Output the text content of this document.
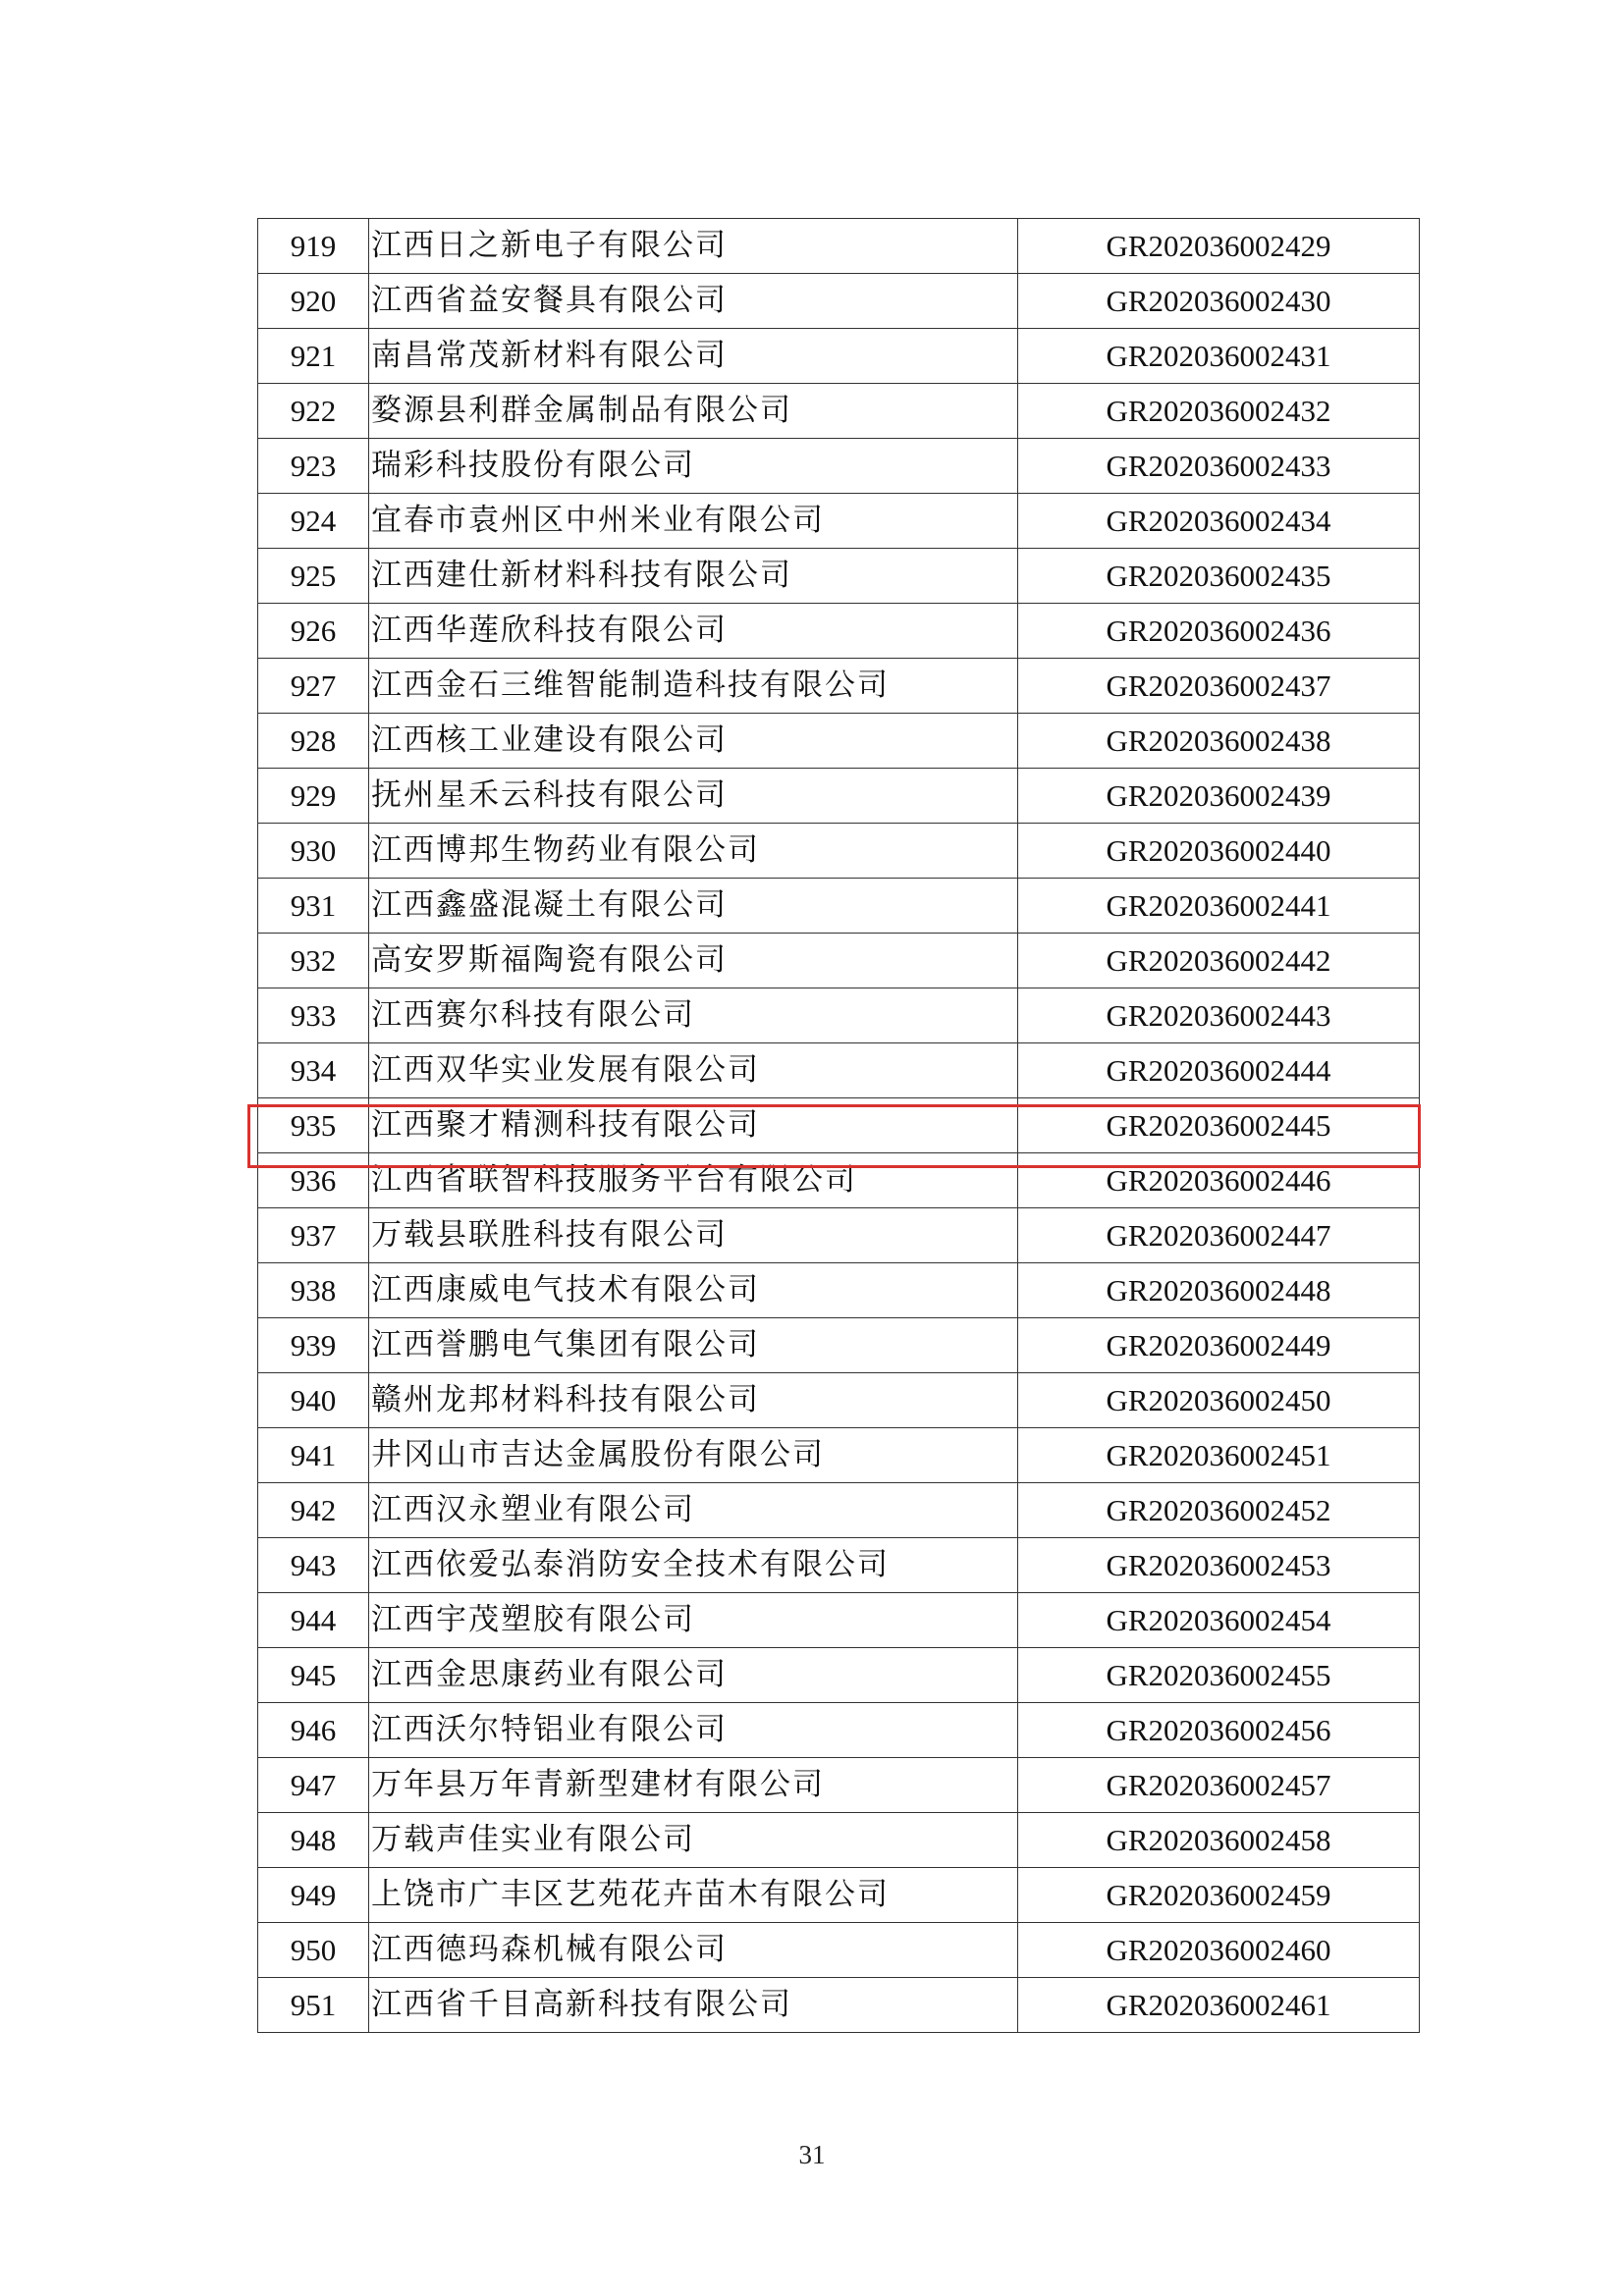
919	江西日之新电子有限公司	GR202036002429
920	江西省益安餐具有限公司	GR202036002430
921	南昌常茂新材料有限公司	GR202036002431
922	婺源县利群金属制品有限公司	GR202036002432
923	瑞彩科技股份有限公司	GR202036002433
924	宜春市袁州区中州米业有限公司	GR202036002434
925	江西建仕新材料科技有限公司	GR202036002435
926	江西华莲欣科技有限公司	GR202036002436
927	江西金石三维智能制造科技有限公司	GR202036002437
928	江西核工业建设有限公司	GR202036002438
929	抚州星禾云科技有限公司	GR202036002439
930	江西博邦生物药业有限公司	GR202036002440
931	江西鑫盛混凝土有限公司	GR202036002441
932	高安罗斯福陶瓷有限公司	GR202036002442
933	江西赛尔科技有限公司	GR202036002443
934	江西双华实业发展有限公司	GR202036002444
935	江西聚才精测科技有限公司	GR202036002445
936	江西省联智科技服务平台有限公司	GR202036002446
937	万载县联胜科技有限公司	GR202036002447
938	江西康威电气技术有限公司	GR202036002448
939	江西誉鹏电气集团有限公司	GR202036002449
940	赣州龙邦材料科技有限公司	GR202036002450
941	井冈山市吉达金属股份有限公司	GR202036002451
942	江西汉永塑业有限公司	GR202036002452
943	江西依爱弘泰消防安全技术有限公司	GR202036002453
944	江西宇茂塑胶有限公司	GR202036002454
945	江西金思康药业有限公司	GR202036002455
946	江西沃尔特铝业有限公司	GR202036002456
947	万年县万年青新型建材有限公司	GR202036002457
948	万载声佳实业有限公司	GR202036002458
949	上饶市广丰区艺苑花卉苗木有限公司	GR202036002459
950	江西德玛森机械有限公司	GR202036002460
951	江西省千目高新科技有限公司	GR202036002461
31
